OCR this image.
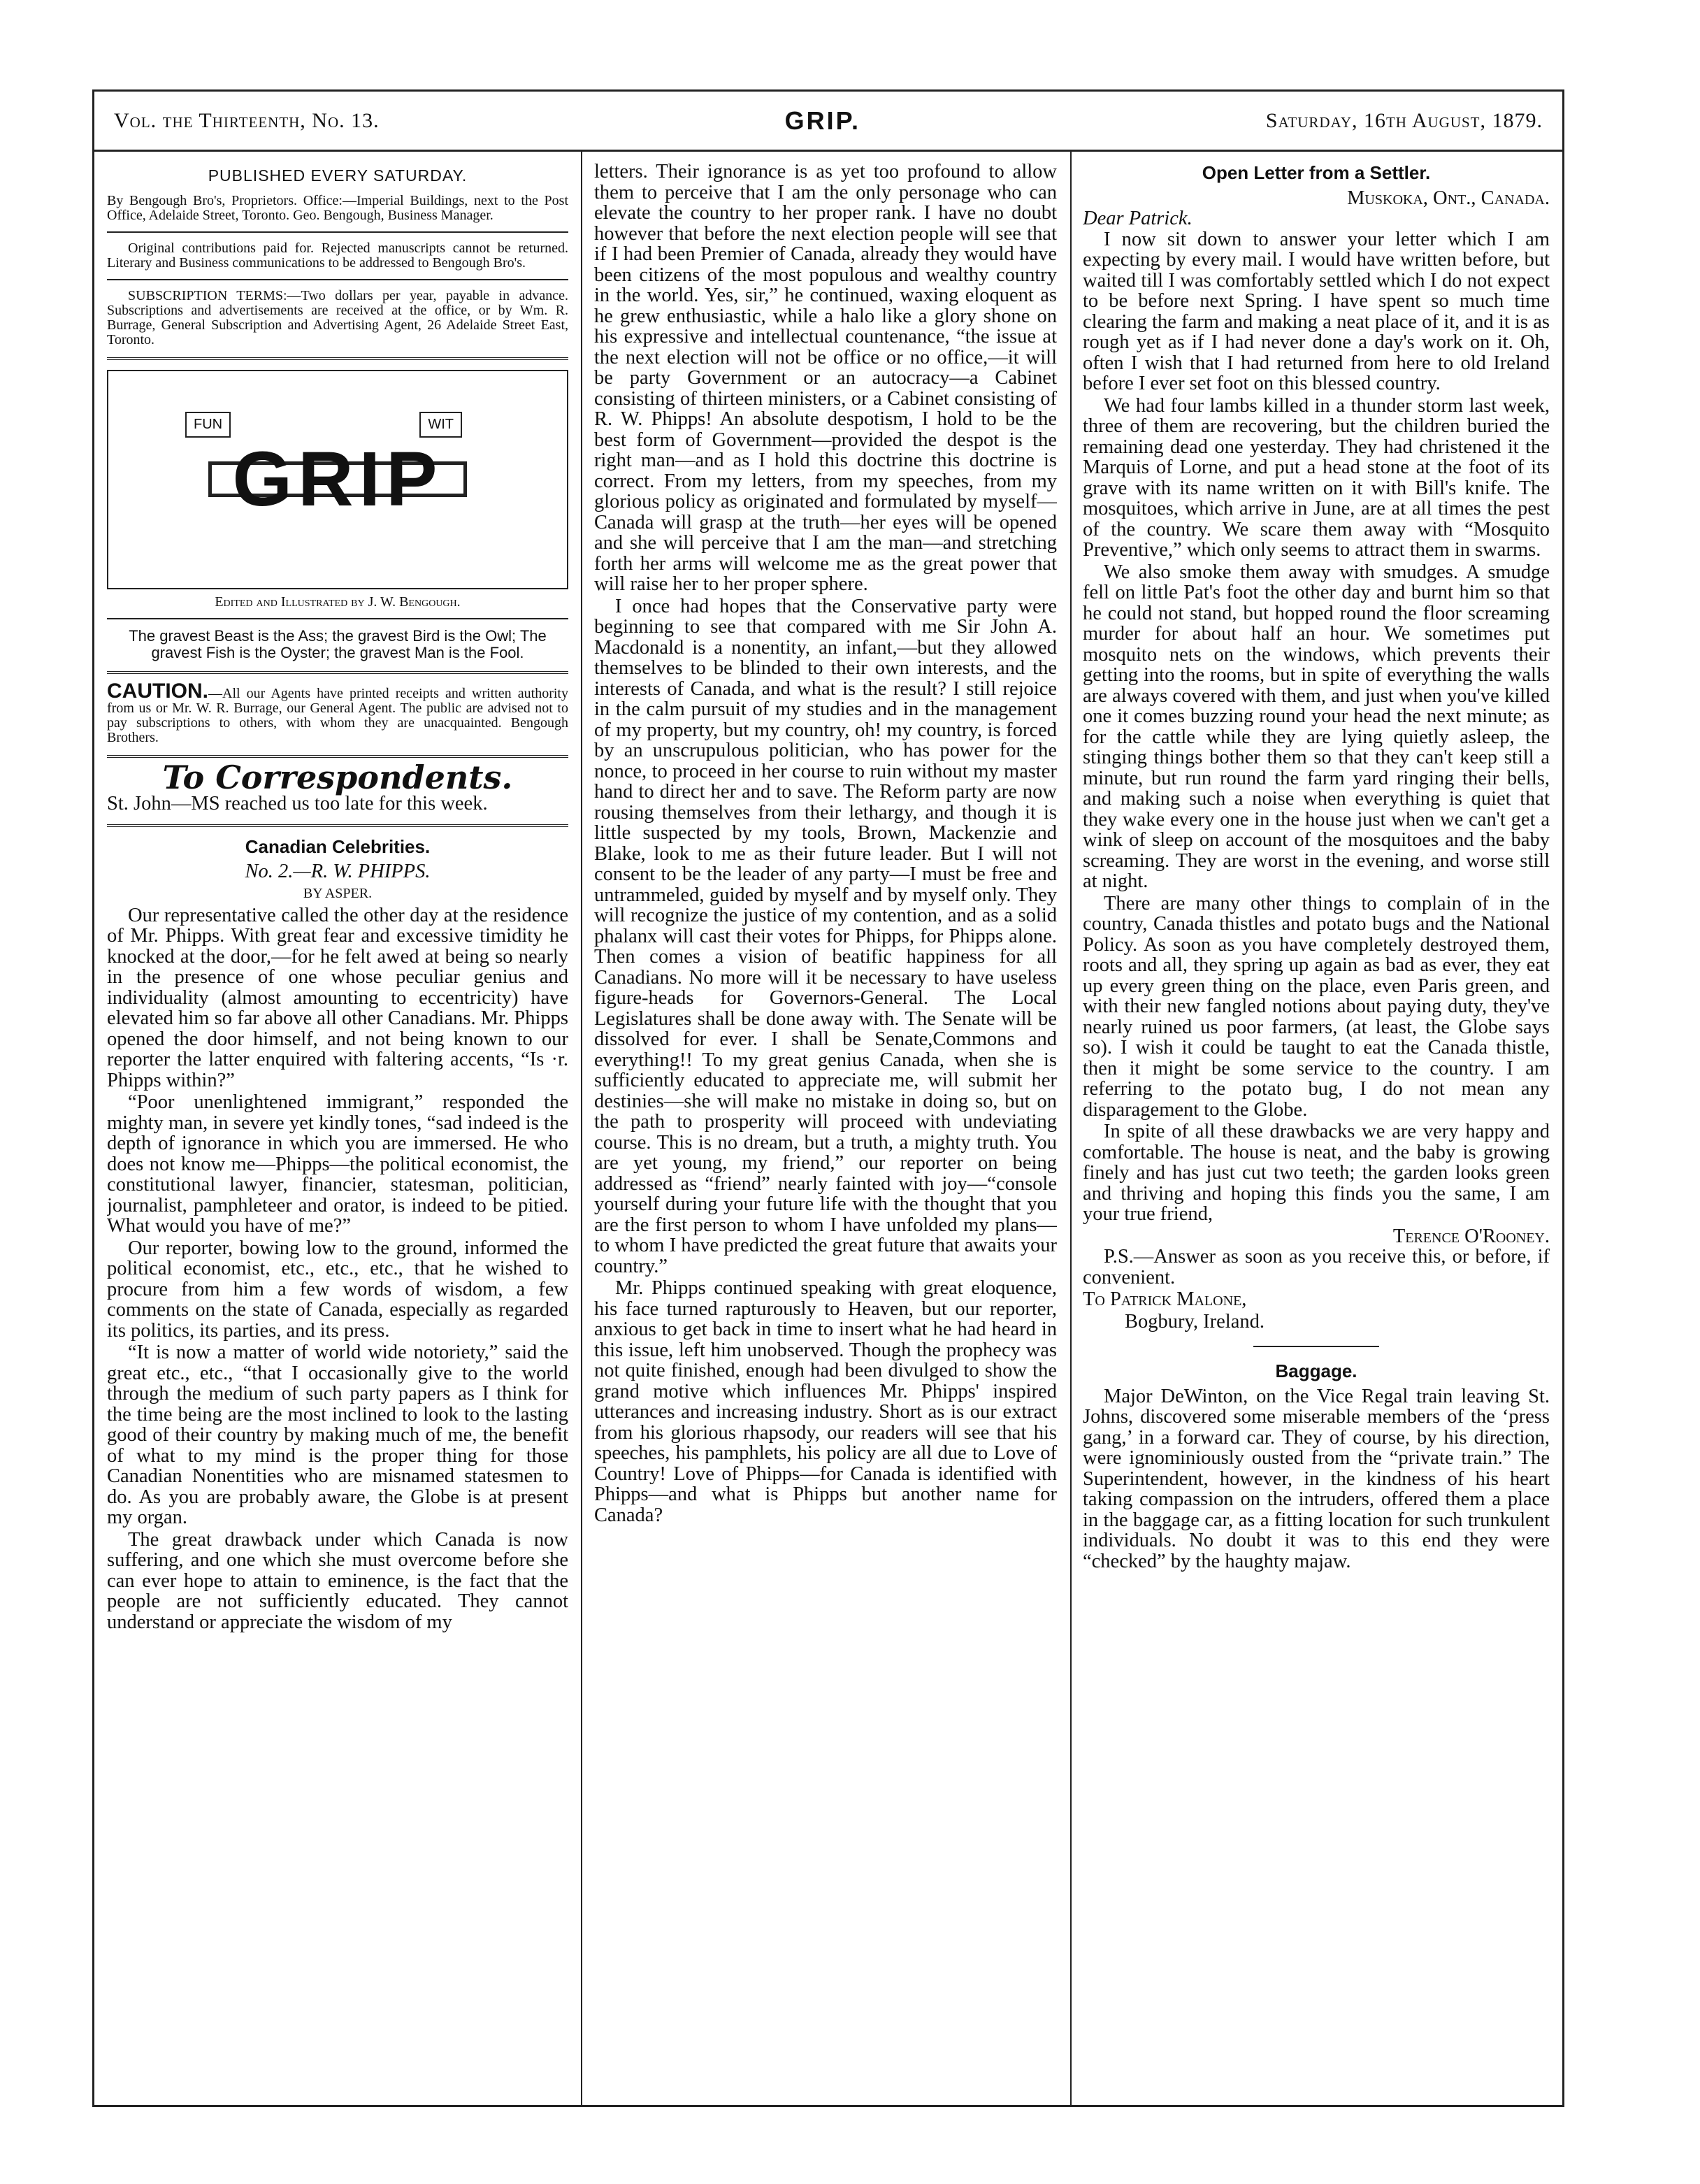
Vol. the Thirteenth, No. 13.	GRIP.	Saturday, 16th August, 1879.
PUBLISHED EVERY SATURDAY.

By Bengough Bro's, Proprietors. Office:—Imperial Buildings, next to the Post Office, Adelaide Street, Toronto. Geo. Bengough, Business Manager.

Original contributions paid for. Rejected manuscripts cannot be returned. Literary and Business communications to be addressed to Bengough Bro's.

SUBSCRIPTION TERMS:—Two dollars per year, payable in advance. Subscriptions and advertisements are received at the office, or by Wm. R. Burrage, General Subscription and Advertising Agent, 26 Adelaide Street East, Toronto.

FUN	WIT
GRIP
Edited and Illustrated by J. W. Bengough.
The gravest Beast is the Ass; the gravest Bird is the Owl; The gravest Fish is the Oyster; the gravest Man is the Fool.

CAUTION.—All our Agents have printed receipts and written authority from us or Mr. W. R. Burrage, our General Agent. The public are advised not to pay subscriptions to others, with whom they are unacquainted. Bengough Brothers.

To Correspondents.

St. John—MS reached us too late for this week.

Canadian Celebrities.
No. 2.—R. W. PHIPPS.
BY ASPER.

Our representative called the other day at the residence of Mr. Phipps. With great fear and excessive timidity he knocked at the door,—for he felt awed at being so nearly in the presence of one whose peculiar genius and individuality (almost amounting to eccentricity) have elevated him so far above all other Canadians. Mr. Phipps opened the door himself, and not being known to our reporter the latter enquired with faltering accents, “Is ·r. Phipps within?”

“Poor unenlightened immigrant,” responded the mighty man, in severe yet kindly tones, “sad indeed is the depth of ignorance in which you are immersed. He who does not know me—Phipps—the political economist, the constitutional lawyer, financier, statesman, politician, journalist, pamphleteer and orator, is indeed to be pitied. What would you have of me?”

Our reporter, bowing low to the ground, informed the political economist, etc., etc., etc., that he wished to procure from him a few words of wisdom, a few comments on the state of Canada, especially as regarded its politics, its parties, and its press.

“It is now a matter of world wide notoriety,” said the great etc., etc., “that I occasionally give to the world through the medium of such party papers as I think for the time being are the most inclined to look to the lasting good of their country by making much of me, the benefit of what to my mind is the proper thing for those Canadian Nonentities who are misnamed statesmen to do. As you are probably aware, the Globe is at present my organ.

The great drawback under which Canada is now suffering, and one which she must overcome before she can ever hope to attain to eminence, is the fact that the people are not sufficiently educated. They cannot understand or appreciate the wisdom of my

letters. Their ignorance is as yet too profound to allow them to perceive that I am the only personage who can elevate the country to her proper rank. I have no doubt however that before the next election people will see that if I had been Premier of Canada, already they would have been citizens of the most populous and wealthy country in the world. Yes, sir,” he continued, waxing eloquent as he grew enthusiastic, while a halo like a glory shone on his expressive and intellectual countenance, “the issue at the next election will not be office or no office,—it will be party Government or an autocracy—a Cabinet consisting of thirteen ministers, or a Cabinet consisting of R. W. Phipps! An absolute despotism, I hold to be the best form of Government—provided the despot is the right man—and as I hold this doctrine this doctrine is correct. From my letters, from my speeches, from my glorious policy as originated and formulated by myself—Canada will grasp at the truth—her eyes will be opened and she will perceive that I am the man—and stretching forth her arms will welcome me as the great power that will raise her to her proper sphere.

I once had hopes that the Conservative party were beginning to see that compared with me Sir John A. Macdonald is a nonentity, an infant,—but they allowed themselves to be blinded to their own interests, and the interests of Canada, and what is the result? I still rejoice in the calm pursuit of my studies and in the management of my property, but my country, oh! my country, is forced by an unscrupulous politician, who has power for the nonce, to proceed in her course to ruin without my master hand to direct her and to save. The Reform party are now rousing themselves from their lethargy, and though it is little suspected by my tools, Brown, Mackenzie and Blake, look to me as their future leader. But I will not consent to be the leader of any party—I must be free and untrammeled, guided by myself and by myself only. They will recognize the justice of my contention, and as a solid phalanx will cast their votes for Phipps, for Phipps alone. Then comes a vision of beatific happiness for all Canadians. No more will it be necessary to have useless figure-heads for Governors-General. The Local Legislatures shall be done away with. The Senate will be dissolved for ever. I shall be Senate,Commons and everything!! To my great genius Canada, when she is sufficiently educated to appreciate me, will submit her destinies—she will make no mistake in doing so, but on the path to prosperity will proceed with undeviating course. This is no dream, but a truth, a mighty truth. You are yet young, my friend,” our reporter on being addressed as “friend” nearly fainted with joy—“console yourself during your future life with the thought that you are the first person to whom I have unfolded my plans—to whom I have predicted the great future that awaits your country.”

Mr. Phipps continued speaking with great eloquence, his face turned rapturously to Heaven, but our reporter, anxious to get back in time to insert what he had heard in this issue, left him unobserved. Though the prophecy was not quite finished, enough had been divulged to show the grand motive which influences Mr. Phipps' inspired utterances and increasing industry. Short as is our extract from his glorious rhapsody, our readers will see that his speeches, his pamphlets, his policy are all due to Love of Country! Love of Phipps—for Canada is identified with Phipps—and what is Phipps but another name for Canada?

Open Letter from a Settler.
Muskoka, Ont., Canada.
Dear Patrick.

I now sit down to answer your letter which I am expecting by every mail. I would have written before, but waited till I was comfortably settled which I do not expect to be before next Spring. I have spent so much time clearing the farm and making a neat place of it, and it is as rough yet as if I had never done a day's work on it. Oh, often I wish that I had returned from here to old Ireland before I ever set foot on this blessed country.

We had four lambs killed in a thunder storm last week, three of them are recovering, but the children buried the remaining dead one yesterday. They had christened it the Marquis of Lorne, and put a head stone at the foot of its grave with its name written on it with Bill's knife. The mosquitoes, which arrive in June, are at all times the pest of the country. We scare them away with “Mosquito Preventive,” which only seems to attract them in swarms.

We also smoke them away with smudges. A smudge fell on little Pat's foot the other day and burnt him so that he could not stand, but hopped round the floor screaming murder for about half an hour. We sometimes put mosquito nets on the windows, which prevents their getting into the rooms, but in spite of everything the walls are always covered with them, and just when you've killed one it comes buzzing round your head the next minute; as for the cattle while they are lying quietly asleep, the stinging things bother them so that they can't keep still a minute, but run round the farm yard ringing their bells, and making such a noise when everything is quiet that they wake every one in the house just when we can't get a wink of sleep on account of the mosquitoes and the baby screaming. They are worst in the evening, and worse still at night.

There are many other things to complain of in the country, Canada thistles and potato bugs and the National Policy. As soon as you have completely destroyed them, roots and all, they spring up again as bad as ever, they eat up every green thing on the place, even Paris green, and with their new fangled notions about paying duty, they've nearly ruined us poor farmers, (at least, the Globe says so). I wish it could be taught to eat the Canada thistle, then it might be some service to the country. I am referring to the potato bug, I do not mean any disparagement to the Globe.

In spite of all these drawbacks we are very happy and comfortable. The house is neat, and the baby is growing finely and has just cut two teeth; the garden looks green and thriving and hoping this finds you the same, I am your true friend,

Terence O'Rooney.

P.S.—Answer as soon as you receive this, or before, if convenient.

To Patrick Malone,

Bogbury, Ireland.

Baggage.

Major DeWinton, on the Vice Regal train leaving St. Johns, discovered some miserable members of the ‘press gang,’ in a forward car. They of course, by his direction, were ignominiously ousted from the “private train.” The Superintendent, however, in the kindness of his heart taking compassion on the intruders, offered them a place in the baggage car, as a fitting location for such trunkulent individuals. No doubt it was to this end they were “checked” by the haughty majaw.
